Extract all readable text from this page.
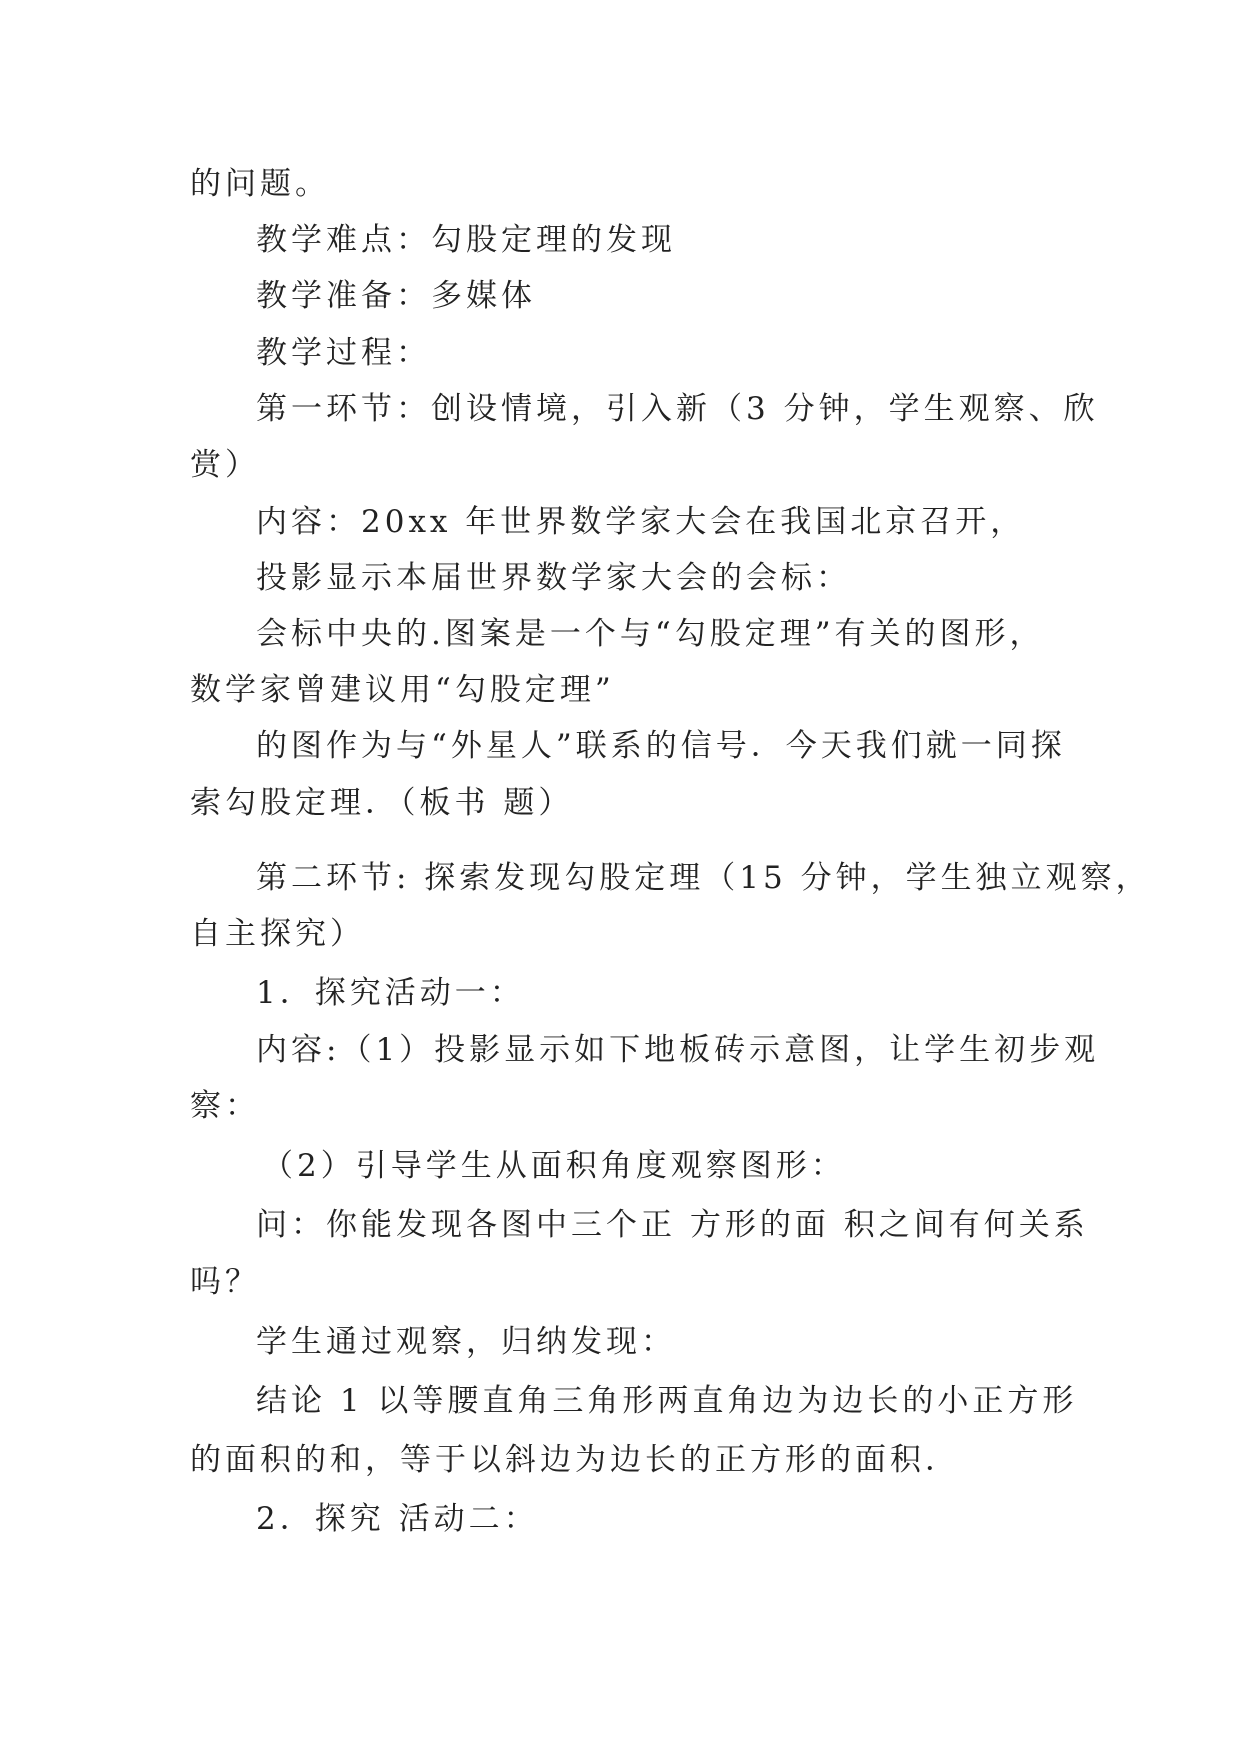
的问题。
教学难点：勾股定理的发现
教学准备：多媒体
教学过程：
第一环节：创设情境，引入新（3 分钟，学生观察、欣
赏）
内容：20xx 年世界数学家大会在我国北京召开，
投影显示本届世界数学家大会的会标：
会标中央的.图案是一个与“勾股定理”有关的图形，
数学家曾建议用“勾股定理”
的图作为与“外星人”联系的信号．今天我们就一同探
索勾股定理．（板书 题）
第二环节: 探索发现勾股定理（15 分钟，学生独立观察，
自主探究）
1．探究活动一：
内容:（1）投影显示如下地板砖示意图，让学生初步观
察：
（2）引导学生从面积角度观察图形：
问：你能发现各图中三个正 方形的面 积之间有何关系
吗？
学生通过观察，归纳发现：
结论 1 以等腰直角三角形两直角边为边长的小正方形
的面积的和，等于以斜边为边长的正方形的面积．
2．探究 活动二：
